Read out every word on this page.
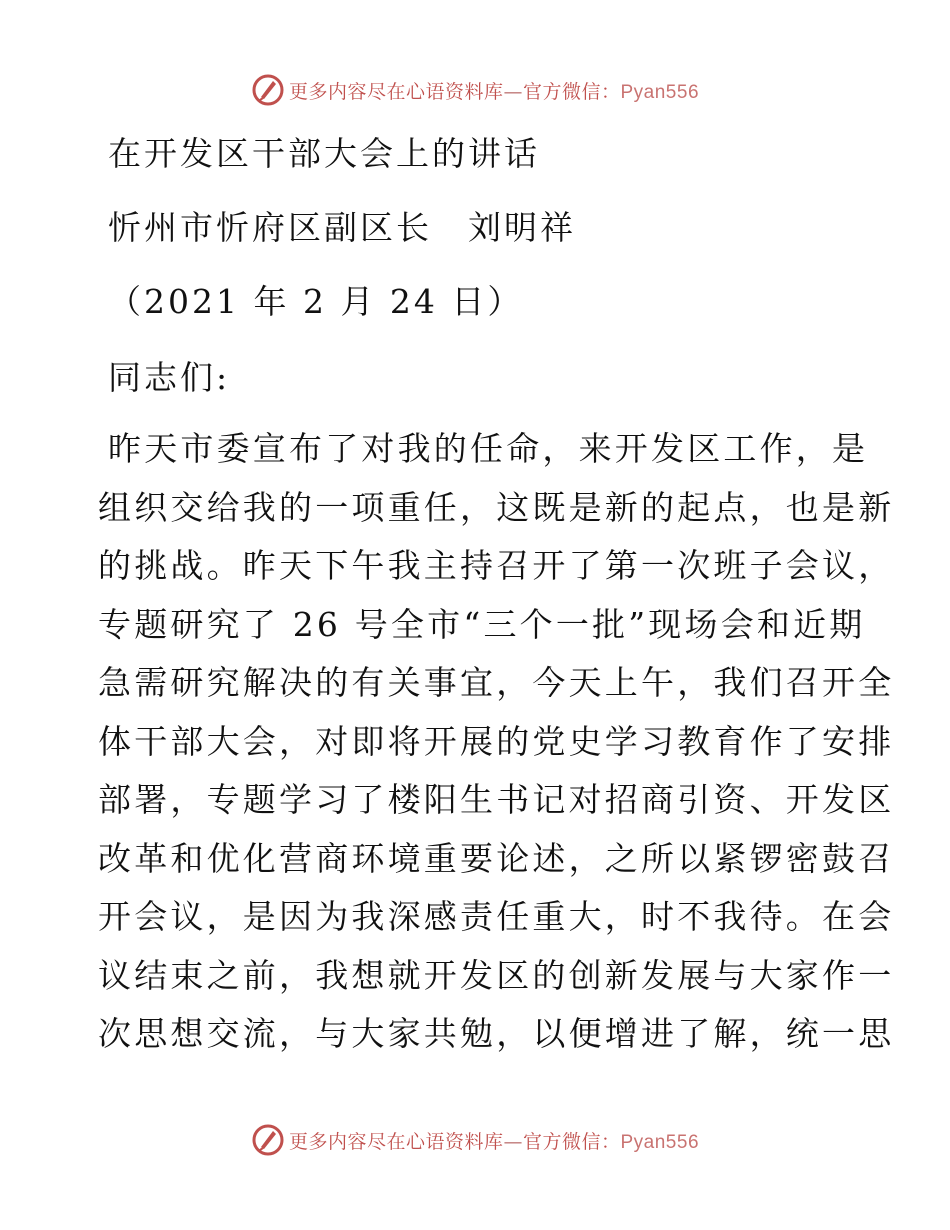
更多内容尽在心语资料库—官方微信：Pyan556
在开发区干部大会上的讲话
忻州市忻府区副区长　刘明祥
（2021 年 2 月 24 日）
同志们:
昨天市委宣布了对我的任命，来开发区工作，是
组织交给我的一项重任，这既是新的起点，也是新
的挑战。昨天下午我主持召开了第一次班子会议，
专题研究了 26 号全市“三个一批”现场会和近期
急需研究解决的有关事宜，今天上午，我们召开全
体干部大会，对即将开展的党史学习教育作了安排
部署，专题学习了楼阳生书记对招商引资、开发区
改革和优化营商环境重要论述，之所以紧锣密鼓召
开会议，是因为我深感责任重大，时不我待。在会
议结束之前，我想就开发区的创新发展与大家作一
次思想交流，与大家共勉，以便增进了解，统一思
更多内容尽在心语资料库—官方微信：Pyan556
